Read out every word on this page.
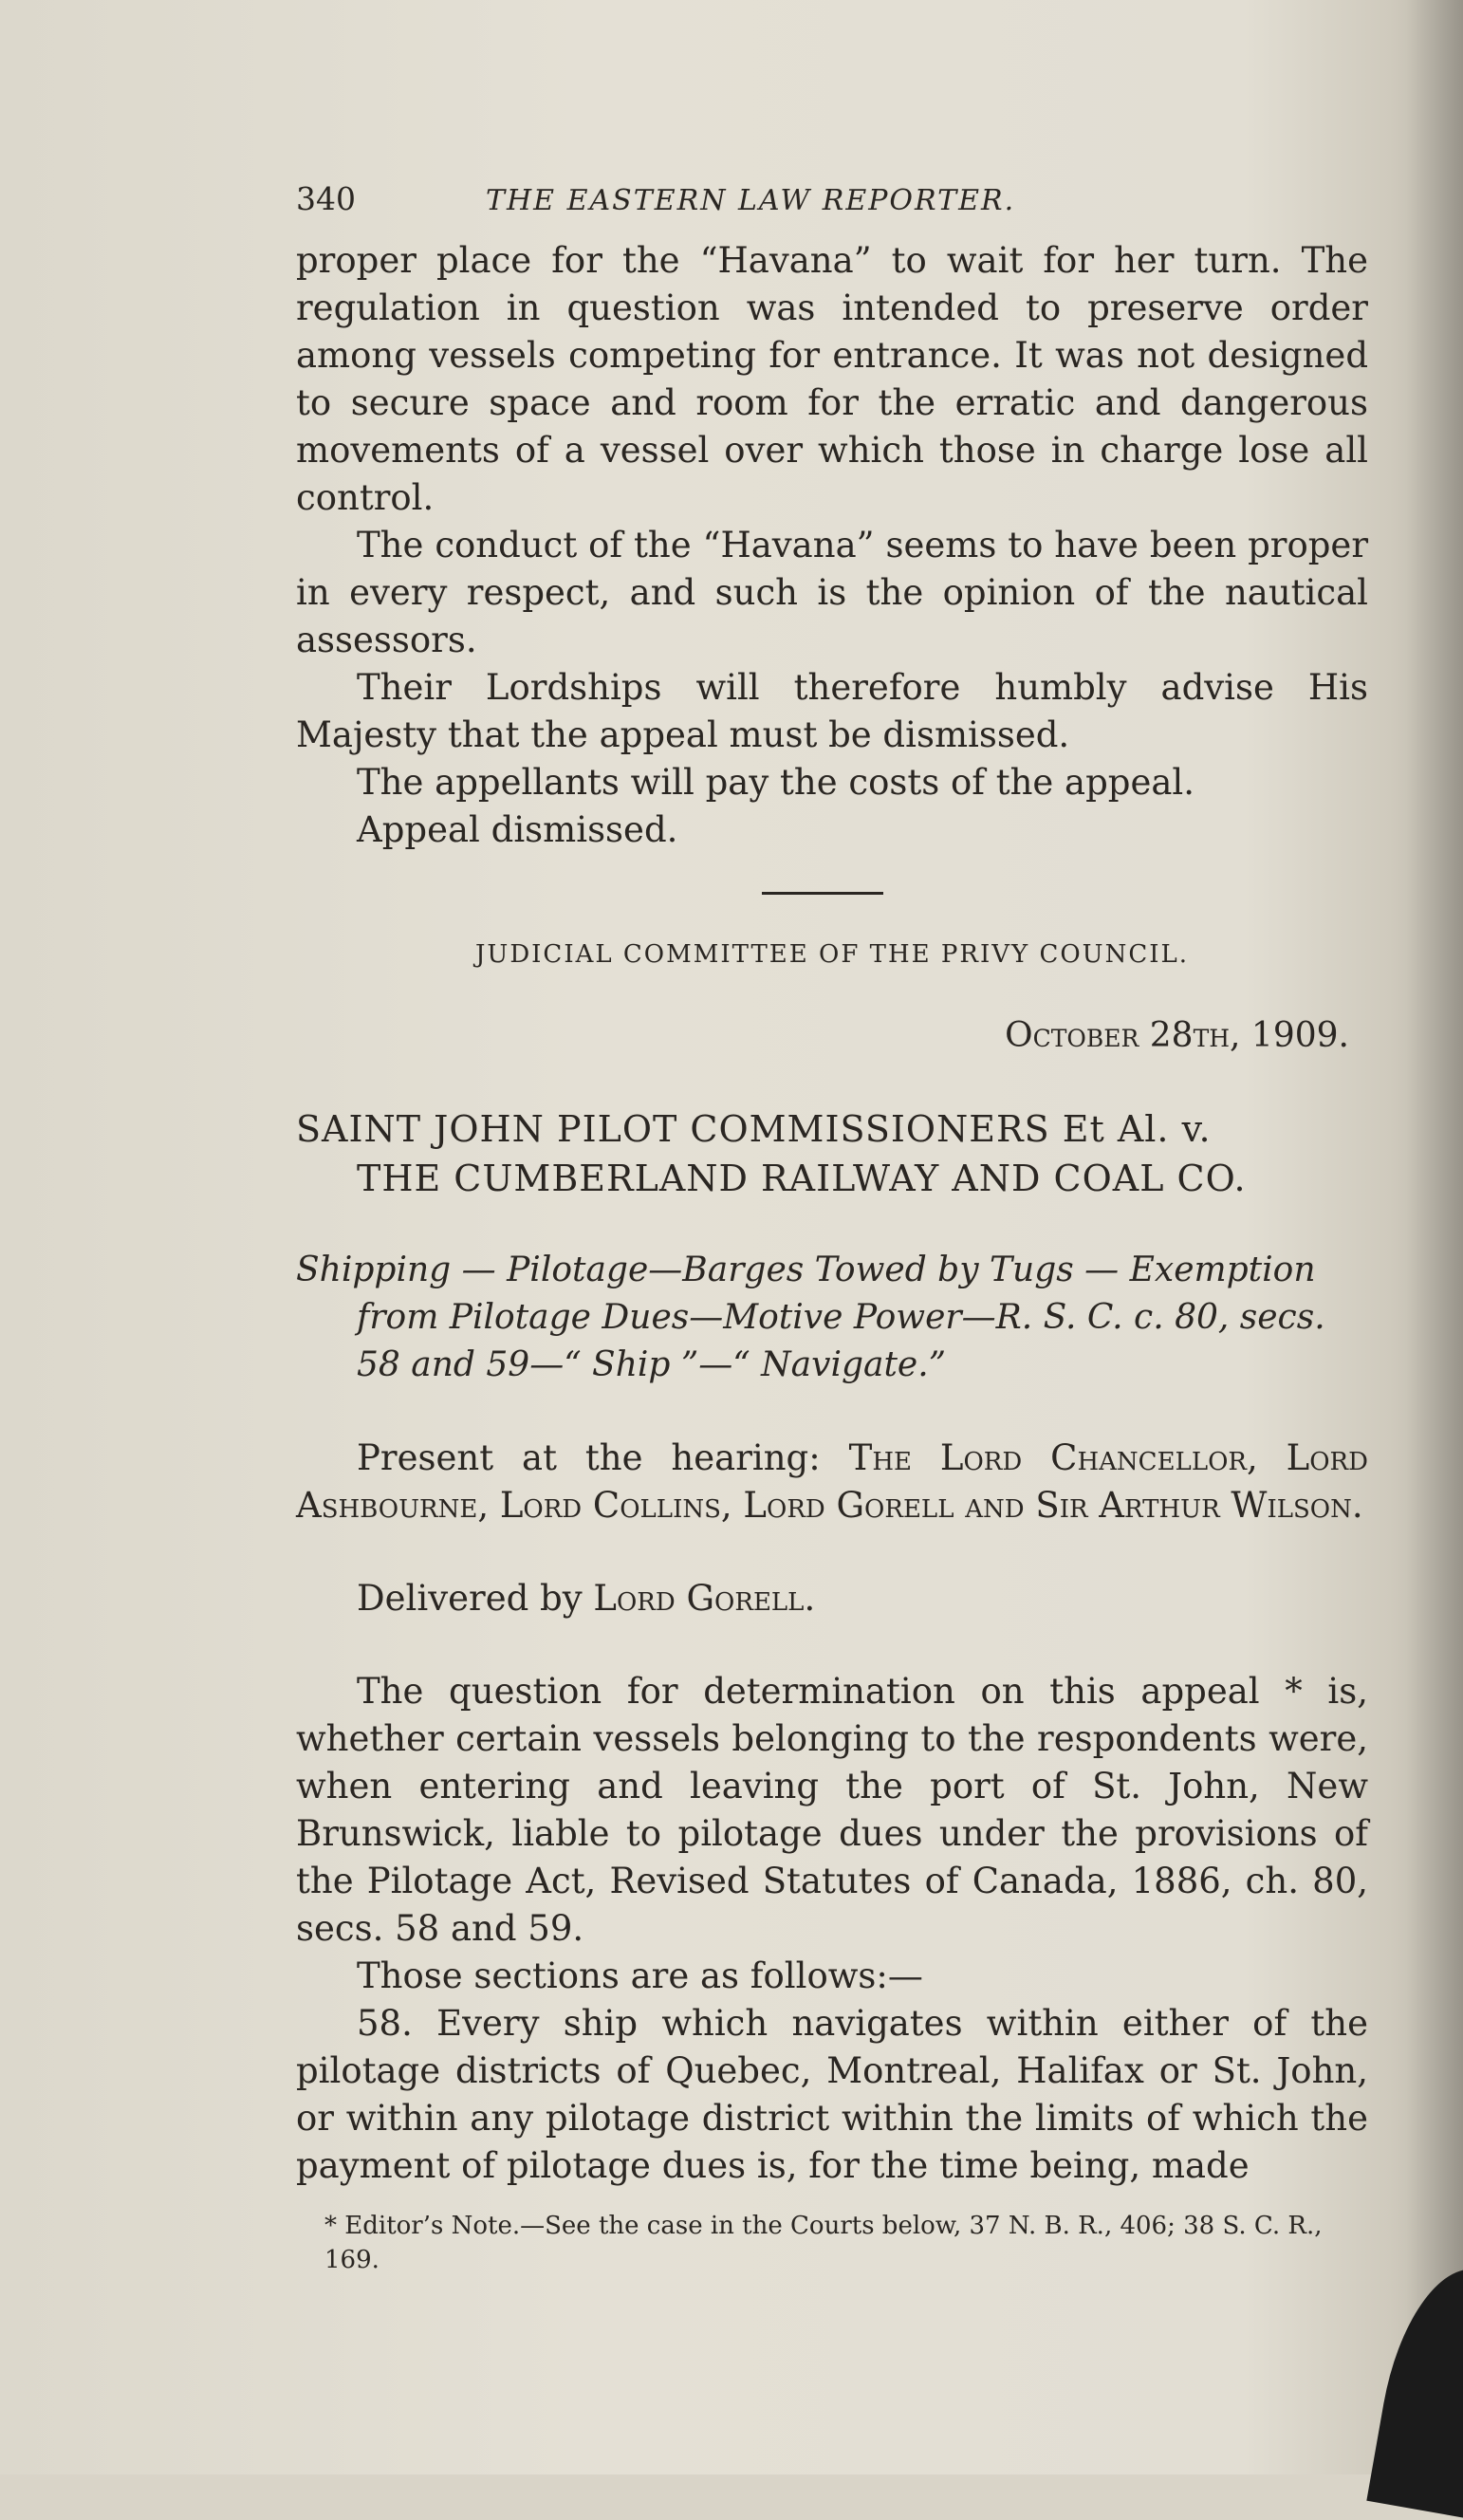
340	THE EASTERN LAW REPORTER.

proper place for the “Havana” to wait for her turn. The regulation in question was intended to preserve order among vessels competing for entrance. It was not designed to secure space and room for the erratic and dangerous movements of a vessel over which those in charge lose all control.

The conduct of the “Havana” seems to have been proper in every respect, and such is the opinion of the nautical assessors.

Their Lordships will therefore humbly advise His Majesty that the appeal must be dismissed.

The appellants will pay the costs of the appeal.

Appeal dismissed.

JUDICIAL COMMITTEE OF THE PRIVY COUNCIL.
October 28th, 1909.
SAINT JOHN PILOT COMMISSIONERS Et Al. v.
THE CUMBERLAND RAILWAY AND COAL CO.
Shipping — Pilotage—Barges Towed by Tugs — Exemption
from Pilotage Dues—Motive Power—R. S. C. c. 80, secs.
58 and 59—“ Ship ”—“ Navigate.”

Present at the hearing: The Lord Chancellor, Lord Ashbourne, Lord Collins, Lord Gorell and Sir Arthur Wilson.

Delivered by Lord Gorell.

The question for determination on this appeal * is, whether certain vessels belonging to the respondents were, when entering and leaving the port of St. John, New Brunswick, liable to pilotage dues under the provisions of the Pilotage Act, Revised Statutes of Canada, 1886, ch. 80, secs. 58 and 59.

Those sections are as follows:—

58. Every ship which navigates within either of the pilotage districts of Quebec, Montreal, Halifax or St. John, or within any pilotage district within the limits of which the payment of pilotage dues is, for the time being, made

* Editor’s Note.—See the case in the Courts below, 37 N. B. R., 406; 38 S. C. R., 169.
